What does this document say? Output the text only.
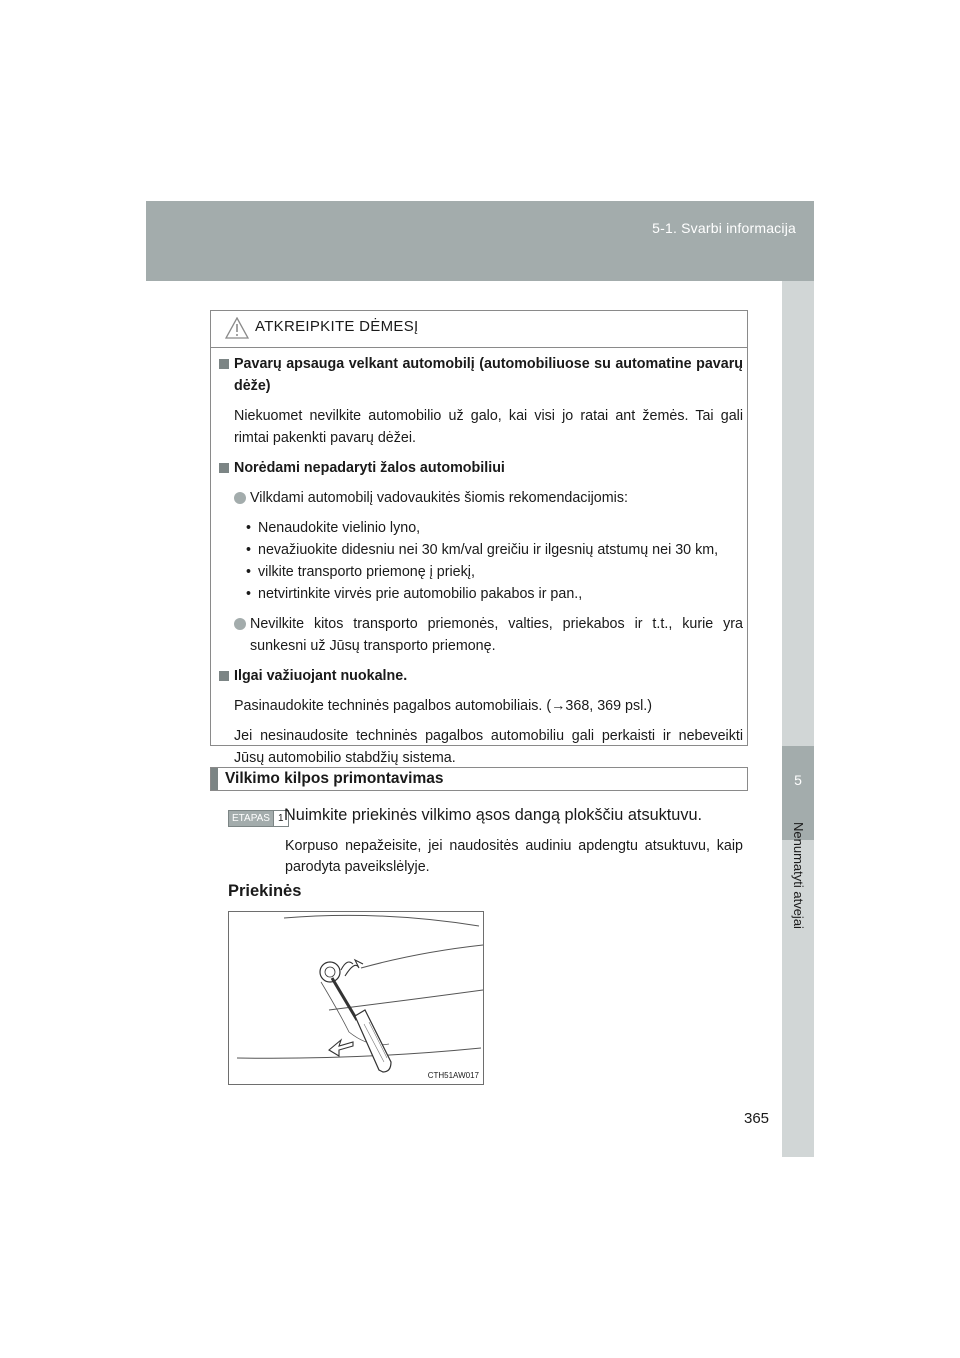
5-1. Svarbi informacija
5
Nenumatyti atvejai
ATKREIPKITE DĖMESĮ

Pavarų apsauga velkant automobilį (automobiliuose su automatine pavarų dėže)

Niekuomet nevilkite automobilio už galo, kai visi jo ratai ant žemės. Tai gali rimtai pakenkti pavarų dėžei.

Norėdami nepadaryti žalos automobiliui

Vilkdami automobilį vadovaukitės šiomis rekomendacijomis:

• Nenaudokite vielinio lyno,

• nevažiuokite didesniu nei 30 km/val greičiu ir ilgesnių atstumų nei 30 km,

• vilkite transporto priemonę į priekį,

• netvirtinkite virvės prie automobilio pakabos ir pan.,

Nevilkite kitos transporto priemonės, valties, priekabos ir t.t., kurie yra sunkesni už Jūsų transporto priemonę.

Ilgai važiuojant nuokalne.

Pasinaudokite techninės pagalbos automobiliais. (→368, 369 psl.)

Jei nesinaudosite techninės pagalbos automobiliu gali perkaisti ir nebeveikti Jūsų automobilio stabdžių sistema.

Vilkimo kilpos primontavimas
ETAPAS 1 Nuimkite priekinės vilkimo ąsos dangą plokščiu atsuktuvu.
Korpuso nepažeisite, jei naudositės audiniu apdengtu atsuktuvu, kaip parodyta paveikslėlyje.
Priekinės
CTH51AW017
365
